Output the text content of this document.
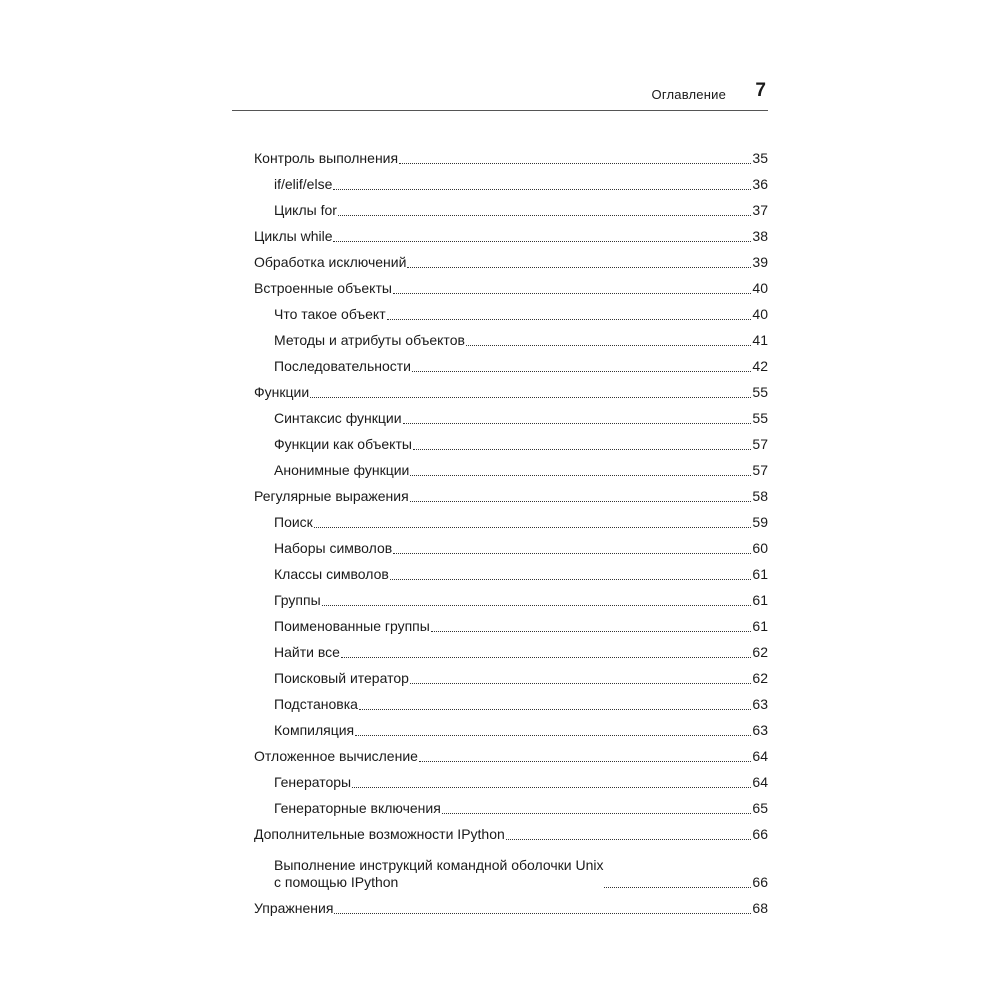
Оглавление 7
Контроль выполнения	35
if/elif/else	36
Циклы for	37
Циклы while	38
Обработка исключений	39
Встроенные объекты	40
Что такое объект	40
Методы и атрибуты объектов	41
Последовательности	42
Функции	55
Синтаксис функции	55
Функции как объекты	57
Анонимные функции	57
Регулярные выражения	58
Поиск	59
Наборы символов	60
Классы символов	61
Группы	61
Поименованные группы	61
Найти все	62
Поисковый итератор	62
Подстановка	63
Компиляция	63
Отложенное вычисление	64
Генераторы	64
Генераторные включения	65
Дополнительные возможности IPython	66
Выполнение инструкций командной оболочки Unix
с помощью IPython	66
Упражнения	68
